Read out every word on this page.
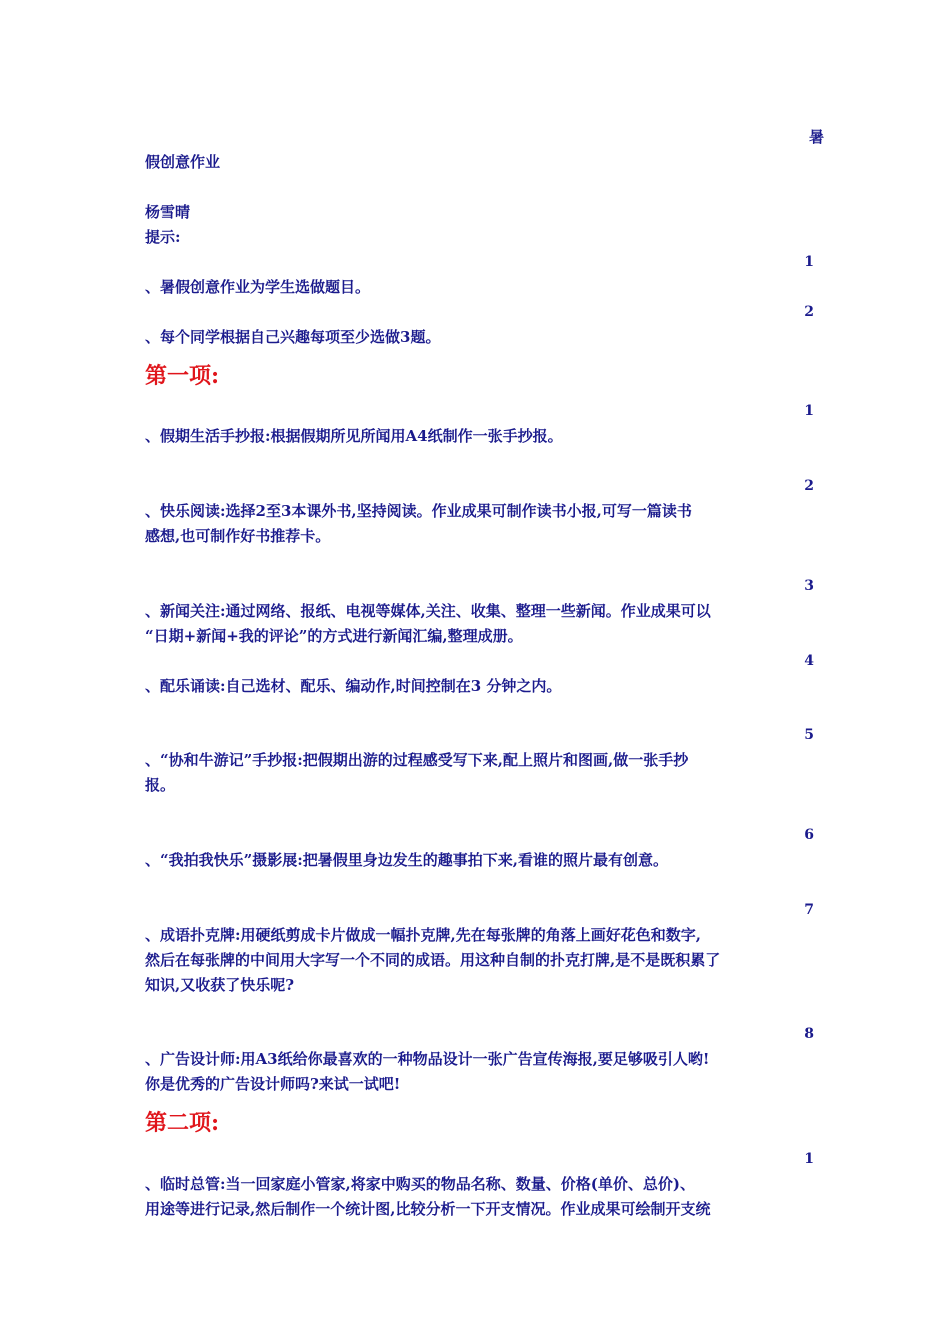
暑
假创意作业
杨雪晴
提示:
1
、暑假创意作业为学生选做题目。
2
、每个同学根据自己兴趣每项至少选做3题。
第一项:
1
、假期生活手抄报:根据假期所见所闻用A4纸制作一张手抄报。
2
、快乐阅读:选择2至3本课外书,坚持阅读。作业成果可制作读书小报,可写一篇读书
感想,也可制作好书推荐卡。
3
、新闻关注:通过网络、报纸、电视等媒体,关注、收集、整理一些新闻。作业成果可以
“日期+新闻+我的评论”的方式进行新闻汇编,整理成册。
4
、配乐诵读:自己选材、配乐、编动作,时间控制在3 分钟之内。
5
、“协和牛游记”手抄报:把假期出游的过程感受写下来,配上照片和图画,做一张手抄
报。
6
、“我拍我快乐”摄影展:把暑假里身边发生的趣事拍下来,看谁的照片最有创意。
7
、成语扑克牌:用硬纸剪成卡片做成一幅扑克牌,先在每张牌的角落上画好花色和数字,
然后在每张牌的中间用大字写一个不同的成语。用这种自制的扑克打牌,是不是既积累了
知识,又收获了快乐呢?
8
、广告设计师:用A3纸给你最喜欢的一种物品设计一张广告宣传海报,要足够吸引人哟!
你是优秀的广告设计师吗?来试一试吧!
第二项:
1
、临时总管:当一回家庭小管家,将家中购买的物品名称、数量、价格(单价、总价)、
用途等进行记录,然后制作一个统计图,比较分析一下开支情况。作业成果可绘制开支统
